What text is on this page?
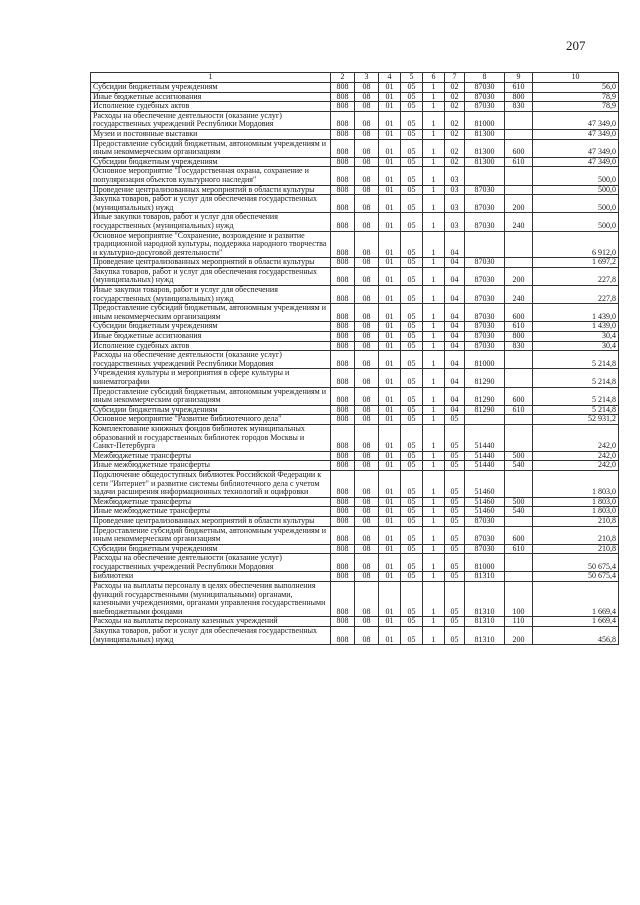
207
1	2	3	4	5	6	7	8	9	10
Субсидии бюджетным учреждениям	808	08	01	05	1	02	87030	610	56,0
Иные бюджетные ассигнования	808	08	01	05	1	02	87030	800	78,9
Исполнение судебных актов	808	08	01	05	1	02	87030	830	78,9
Расходы на обеспечение деятельности (оказание услуг) государственных учреждений Республики Мордовия	808	08	01	05	1	02	81000		47 349,0
Музеи и постоянные выставки	808	08	01	05	1	02	81300		47 349,0
Предоставление субсидий бюджетным, автономным учреждениям и иным некоммерческим организациям	808	08	01	05	1	02	81300	600	47 349,0
Субсидии бюджетным учреждениям	808	08	01	05	1	02	81300	610	47 349,0
Основное мероприятие "Государственная охрана, сохранение и популяризация объектов культурного наследия"	808	08	01	05	1	03			500,0
Проведение централизованных мероприятий в области культуры	808	08	01	05	1	03	87030		500,0
Закупка товаров, работ и услуг для обеспечения государственных (муниципальных) нужд	808	08	01	05	1	03	87030	200	500,0
Иные закупки товаров, работ и услуг для обеспечения государственных (муниципальных) нужд	808	08	01	05	1	03	87030	240	500,0
Основное мероприятие "Сохранение, возрождение и развитие традиционной народной культуры, поддержка народного творчества и культурно-досуговой деятельности"	808	08	01	05	1	04			6 912,0
Проведение централизованных мероприятий в области культуры	808	08	01	05	1	04	87030		1 697,2
Закупка товаров, работ и услуг для обеспечения государственных (муниципальных) нужд	808	08	01	05	1	04	87030	200	227,8
Иные закупки товаров, работ и услуг для обеспечения государственных (муниципальных) нужд	808	08	01	05	1	04	87030	240	227,8
Предоставление субсидий бюджетным, автономным учреждениям и иным некоммерческим организациям	808	08	01	05	1	04	87030	600	1 439,0
Субсидии бюджетным учреждениям	808	08	01	05	1	04	87030	610	1 439,0
Иные бюджетные ассигнования	808	08	01	05	1	04	87030	800	30,4
Исполнение судебных актов	808	08	01	05	1	04	87030	830	30,4
Расходы на обеспечение деятельности (оказание услуг) государственных учреждений Республики Мордовия	808	08	01	05	1	04	81000		5 214,8
Учреждения культуры и мероприятия в сфере культуры и кинематографии	808	08	01	05	1	04	81290		5 214,8
Предоставление субсидий бюджетным, автономным учреждениям и иным некоммерческим организациям	808	08	01	05	1	04	81290	600	5 214,8
Субсидии бюджетным учреждениям	808	08	01	05	1	04	81290	610	5 214,8
Основное мероприятие "Развитие библиотечного дела"	808	08	01	05	1	05			52 931,2
Комплектование книжных фондов библиотек муниципальных образований и государственных библиотек городов Москвы и Санкт-Петербурга	808	08	01	05	1	05	51440		242,0
Межбюджетные трансферты	808	08	01	05	1	05	51440	500	242,0
Иные межбюджетные трансферты	808	08	01	05	1	05	51440	540	242,0
Подключение общедоступных библиотек Российской Федерации к сети "Интернет" и развитие системы библиотечного дела с учетом задачи расширения информационных технологий и оцифровки	808	08	01	05	1	05	51460		1 803,0
Межбюджетные трансферты	808	08	01	05	1	05	51460	500	1 803,0
Иные межбюджетные трансферты	808	08	01	05	1	05	51460	540	1 803,0
Проведение централизованных мероприятий в области культуры	808	08	01	05	1	05	87030		210,8
Предоставление субсидий бюджетным, автономным учреждениям и иным некоммерческим организациям	808	08	01	05	1	05	87030	600	210,8
Субсидии бюджетным учреждениям	808	08	01	05	1	05	87030	610	210,8
Расходы на обеспечение деятельности (оказание услуг) государственных учреждений Республики Мордовия	808	08	01	05	1	05	81000		50 675,4
Библиотеки	808	08	01	05	1	05	81310		50 675,4
Расходы на выплаты персоналу в целях обеспечения выполнения функций государственными (муниципальными) органами, казенными учреждениями, органами управления государственными внебюджетными фондами	808	08	01	05	1	05	81310	100	1 669,4
Расходы на выплаты персоналу казенных учреждений	808	08	01	05	1	05	81310	110	1 669,4
Закупка товаров, работ и услуг для обеспечения государственных (муниципальных) нужд	808	08	01	05	1	05	81310	200	456,8
